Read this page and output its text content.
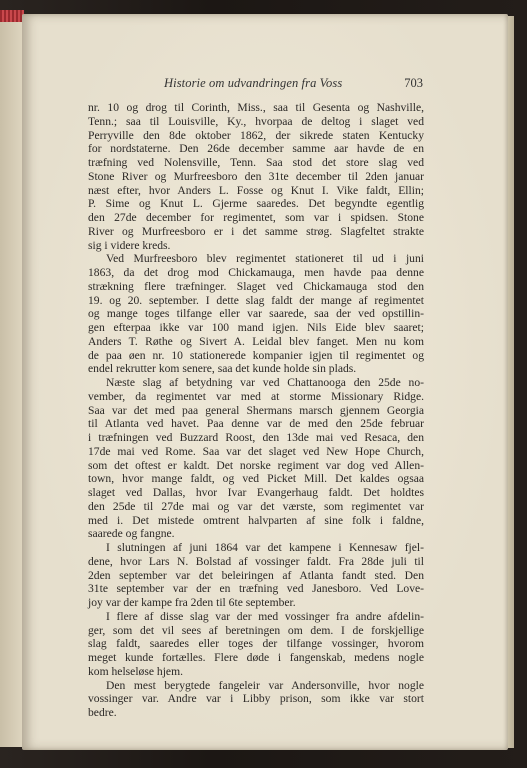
Historie om udvandringen fra Voss	703

nr. 10 og drog til Corinth, Miss., saa til Gesenta og Nashville,

Tenn.; saa til Louisville, Ky., hvorpaa de deltog i slaget ved

Perryville den 8de oktober 1862, der sikrede staten Kentucky

for nordstaterne. Den 26de december samme aar havde de en

træfning ved Nolensville, Tenn. Saa stod det store slag ved

Stone River og Murfreesboro den 31te december til 2den januar

næst efter, hvor Anders L. Fosse og Knut I. Vike faldt, Ellin;

P. Sime og Knut L. Gjerme saaredes. Det begyndte egentlig

den 27de december for regimentet, som var i spidsen. Stone

River og Murfreesboro er i det samme strøg. Slagfeltet strakte

sig i videre kreds.

Ved Murfreesboro blev regimentet stationeret til ud i juni

1863, da det drog mod Chickamauga, men havde paa denne

strækning flere træfninger. Slaget ved Chickamauga stod den

19. og 20. september. I dette slag faldt der mange af regimentet

og mange toges tilfange eller var saarede, saa der ved opstillin-

gen efterpaa ikke var 100 mand igjen. Nils Eide blev saaret;

Anders T. Røthe og Sivert A. Leidal blev fanget. Men nu kom

de paa øen nr. 10 stationerede kompanier igjen til regimentet og

endel rekrutter kom senere, saa det kunde holde sin plads.

Næste slag af betydning var ved Chattanooga den 25de no-

vember, da regimentet var med at storme Missionary Ridge.

Saa var det med paa general Shermans marsch gjennem Georgia

til Atlanta ved havet. Paa denne var de med den 25de februar

i træfningen ved Buzzard Roost, den 13de mai ved Resaca, den

17de mai ved Rome. Saa var det slaget ved New Hope Church,

som det oftest er kaldt. Det norske regiment var dog ved Allen-

town, hvor mange faldt, og ved Picket Mill. Det kaldes ogsaa

slaget ved Dallas, hvor Ivar Evangerhaug faldt. Det holdtes

den 25de til 27de mai og var det værste, som regimentet var

med i. Det mistede omtrent halvparten af sine folk i faldne,

saarede og fangne.

I slutningen af juni 1864 var det kampene i Kennesaw fjel-

dene, hvor Lars N. Bolstad af vossinger faldt. Fra 28de juli til

2den september var det beleiringen af Atlanta fandt sted. Den

31te september var der en træfning ved Janesboro. Ved Love-

joy var der kampe fra 2den til 6te september.

I flere af disse slag var der med vossinger fra andre afdelin-

ger, som det vil sees af beretningen om dem. I de forskjellige

slag faldt, saaredes eller toges der tilfange vossinger, hvorom

meget kunde fortælles. Flere døde i fangenskab, medens nogle

kom helseløse hjem.

Den mest berygtede fangeleir var Andersonville, hvor nogle

vossinger var. Andre var i Libby prison, som ikke var stort

bedre.
